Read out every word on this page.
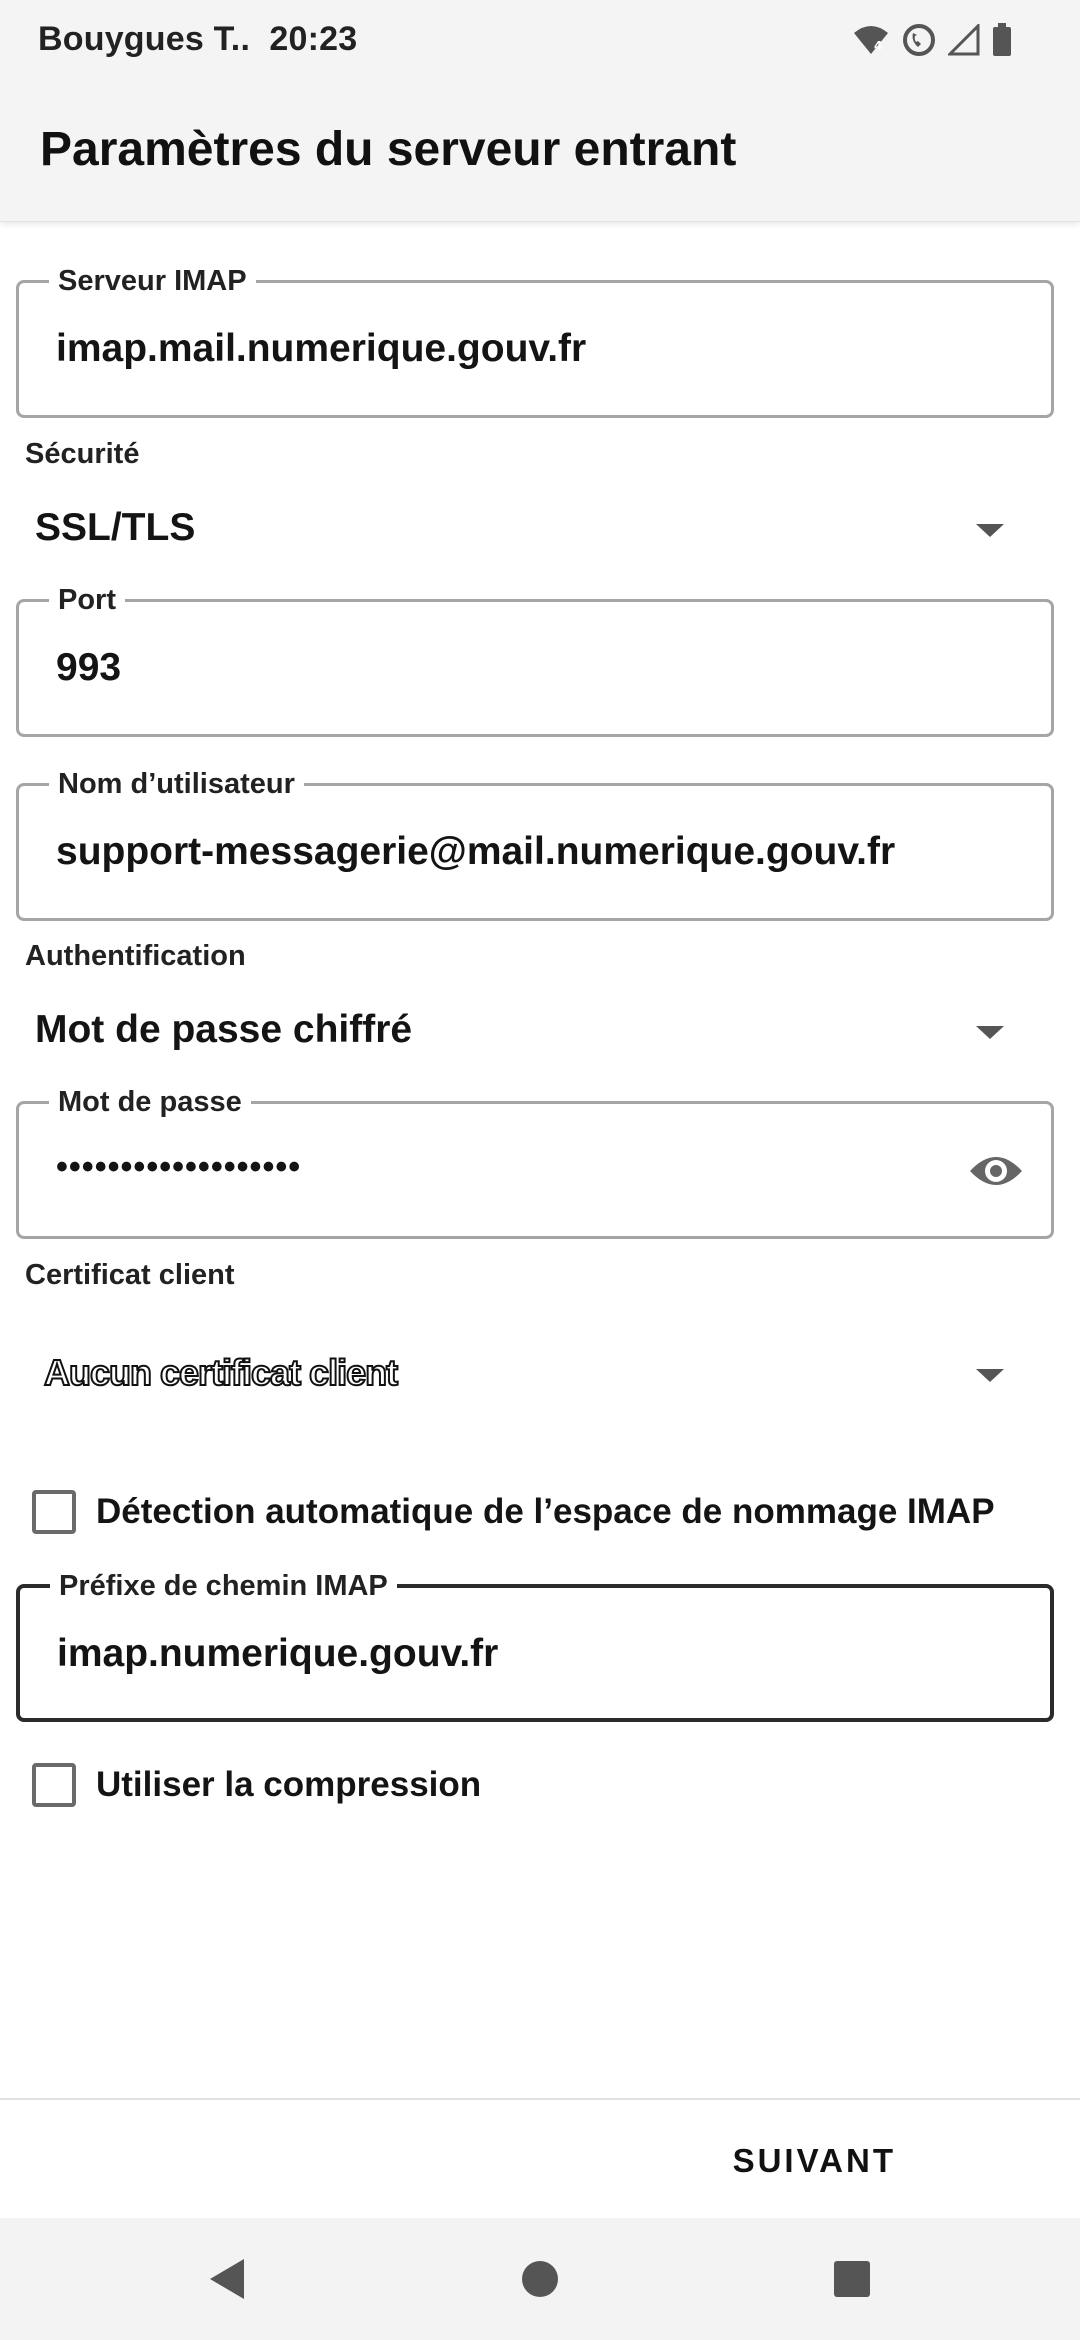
Bouygues T.. 20:23	4
Paramètres du serveur entrant
Serveur IMAP
imap.mail.numerique.gouv.fr
Sécurité
SSL/TLS
Port
993
Nom d’utilisateur
support-messagerie@mail.numerique.gouv.fr
Authentification
Mot de passe chiffré
Mot de passe
•••••••••••••••••••
Certificat client
Aucun certificat client
Détection automatique de l’espace de nommage IMAP
Préfixe de chemin IMAP
imap.numerique.gouv.fr
Utiliser la compression
SUIVANT
